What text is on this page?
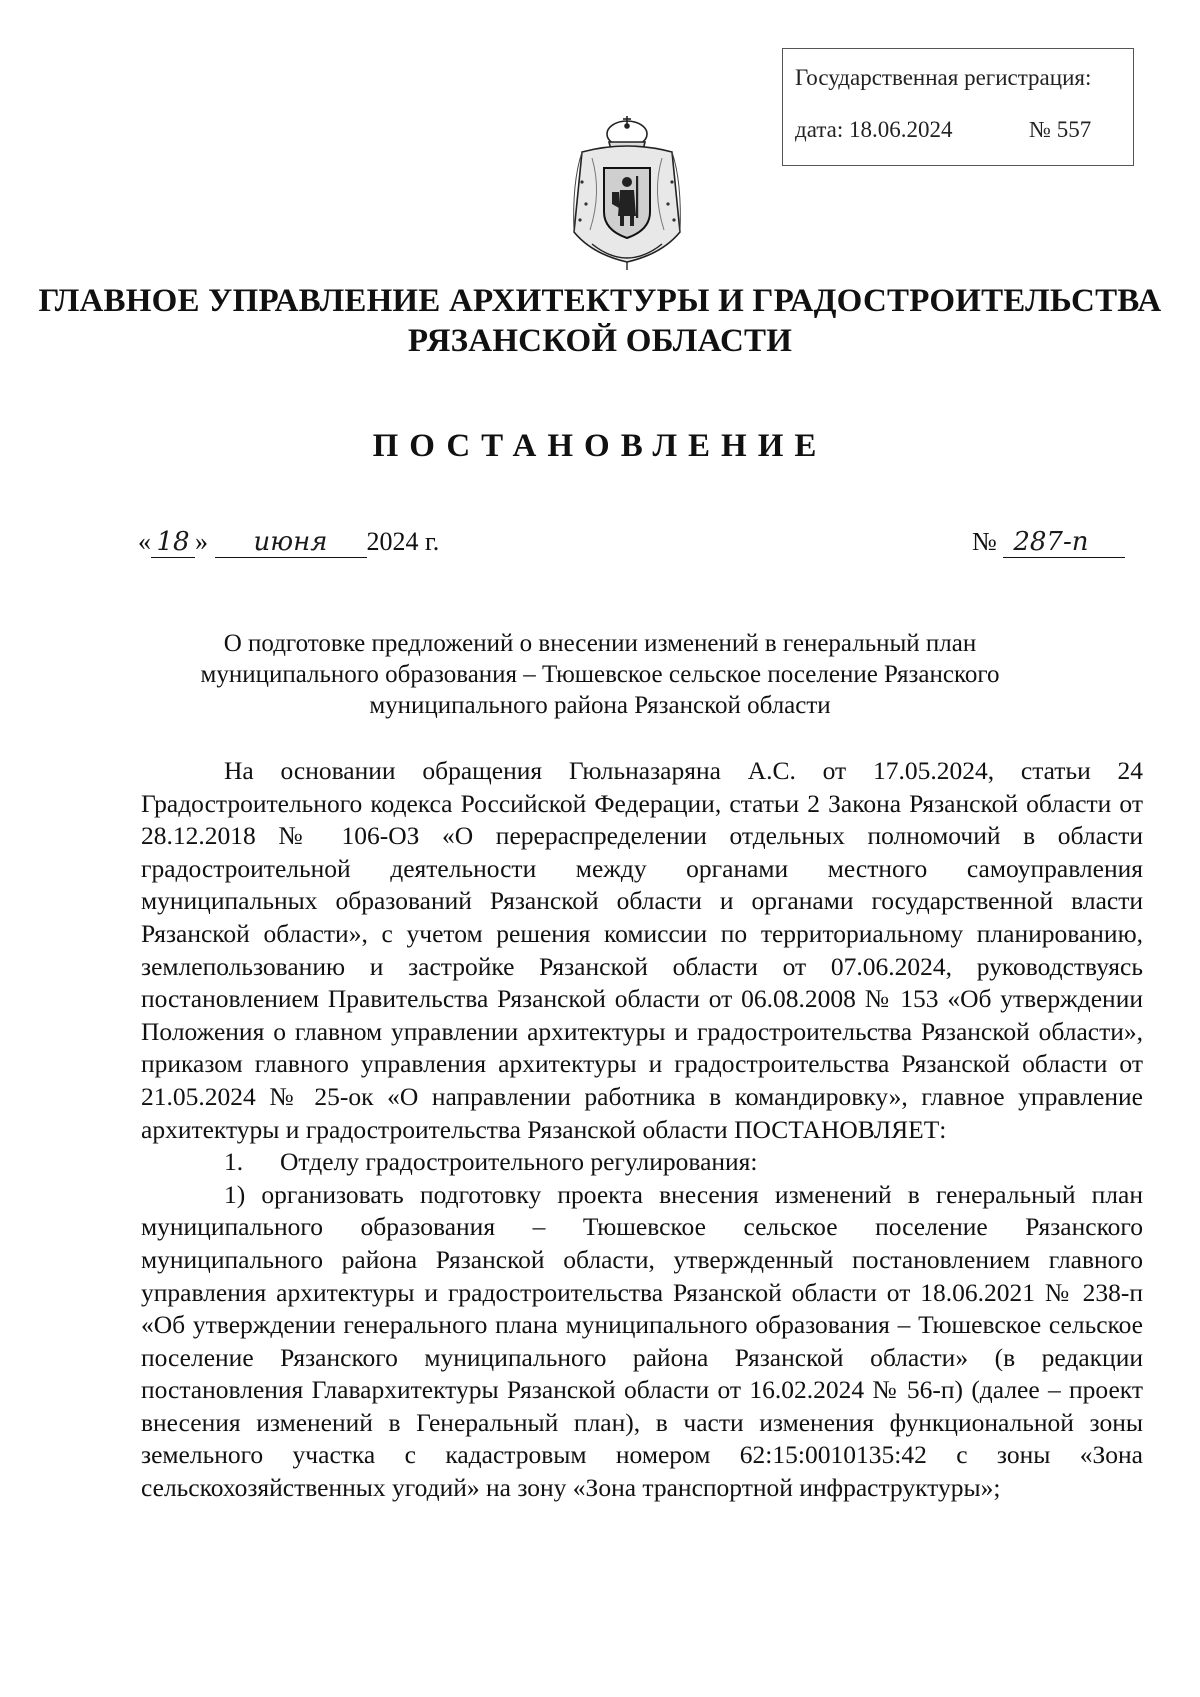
Государственная регистрация:
дата: 18.06.2024	№ 557
ГЛАВНОЕ УПРАВЛЕНИЕ АРХИТЕКТУРЫ И ГРАДОСТРОИТЕЛЬСТВА
РЯЗАНСКОЙ ОБЛАСТИ
ПОСТАНОВЛЕНИЕ
« 18 » июня 2024 г.	№ 287-п
О подготовке предложений о внесении изменений в генеральный план
муниципального образования – Тюшевское сельское поселение Рязанского
муниципального района Рязанской области

На основании обращения Гюльназаряна А.С. от 17.05.2024, статьи 24 Градостроительного кодекса Российской Федерации, статьи 2 Закона Рязанской области от 28.12.2018 № 106-ОЗ «О перераспределении отдельных полномочий в области градостроительной деятельности между органами местного самоуправления муниципальных образований Рязанской области и органами государственной власти Рязанской области», с учетом решения комиссии по территориальному планированию, землепользованию и застройке Рязанской области от 07.06.2024, руководствуясь постановлением Правительства Рязанской области от 06.08.2008 № 153 «Об утверждении Положения о главном управлении архитектуры и градостроительства Рязанской области», приказом главного управления архитектуры и градостроительства Рязанской области от 21.05.2024 № 25-ок «О направлении работника в командировку», главное управление архитектуры и градостроительства Рязанской области ПОСТАНОВЛЯЕТ:

1. Отделу градостроительного регулирования:

1) организовать подготовку проекта внесения изменений в генеральный план муниципального образования – Тюшевское сельское поселение Рязанского муниципального района Рязанской области, утвержденный постановлением главного управления архитектуры и градостроительства Рязанской области от 18.06.2021 № 238-п «Об утверждении генерального плана муниципального образования – Тюшевское сельское поселение Рязанского муниципального района Рязанской области» (в редакции постановления Главархитектуры Рязанской области от 16.02.2024 № 56-п) (далее – проект внесения изменений в Генеральный план), в части изменения функциональной зоны земельного участка с кадастровым номером 62:15:0010135:42 с зоны «Зона сельскохозяйственных угодий» на зону «Зона транспортной инфраструктуры»;
